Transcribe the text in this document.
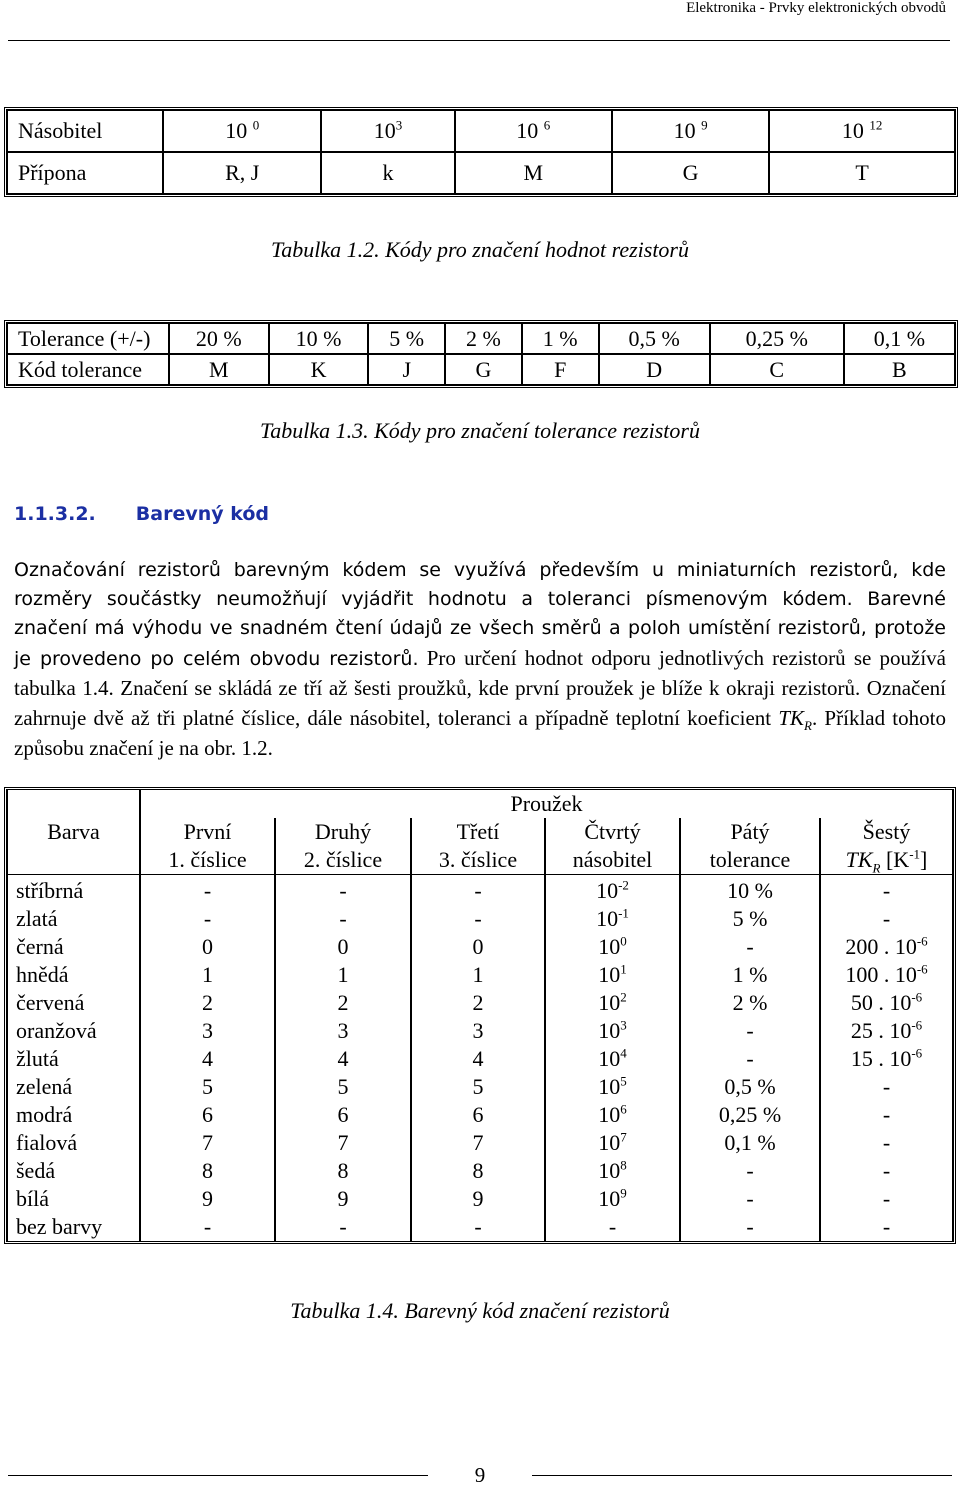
Elektronika - Prvky elektronických obvodů
Násobitel	10 $^0$	$10^3$	10 $^6$	10 $^9$	10 $^{12}$
Přípona	R, J	k	M	G	T
Tabulka 1.2. Kódy pro značení hodnot rezistorů
Tolerance (+/-)	20 %	10 %	5 %	2 %	1 %	0,5 %	0,25 %	0,1 %
Kód tolerance	M	K	J	G	F	D	C	B
Tabulka 1.3. Kódy pro značení tolerance rezistorů
1.1.3.2. Barevný kód
Označování rezistorů barevným kódem se využívá především u miniaturních rezistorů, kde rozměry součástky neumožňují vyjádřit hodnotu a toleranci písmenovým kódem. Barevné značení má výhodu ve snadném čtení údajů ze všech směrů a poloh umístění rezistorů, protože je provedeno po celém obvodu rezistorů. Pro určení hodnot odporu jednotlivých rezistorů se používá tabulka 1.4. Značení se skládá ze tří až šesti proužků, kde první proužek je blíže k okraji rezistorů. Označení zahrnuje dvě až tři platné číslice, dále násobitel, toleranci a případně teplotní koeficient $TK_R$. Příklad tohoto způsobu značení je na obr. 1.2.
	Proužek					
Barva	První	Druhý	Třetí	Čtvrtý	Pátý	Šestý
	1. číslice	2. číslice	3. číslice	násobitel	tolerance	$TK_R$ $[K^{-1}]$
stříbrná	-	-	-	$10^{-2}$	10 %	-
zlatá	-	-	-	$10^{-1}$	5 %	-
černá	0	0	0	$10^0$	-	200 . $10^{-6}$
hnědá	1	1	1	$10^1$	1 %	100 . $10^{-6}$
červená	2	2	2	$10^2$	2 %	50 . $10^{-6}$
oranžová	3	3	3	$10^3$	-	25 . $10^{-6}$
žlutá	4	4	4	$10^4$	-	15 . $10^{-6}$
zelená	5	5	5	$10^5$	0,5 %	-
modrá	6	6	6	$10^6$	0,25 %	-
fialová	7	7	7	$10^7$	0,1 %	-
šedá	8	8	8	$10^8$	-	-
bílá	9	9	9	$10^9$	-	-
bez barvy	-	-	-	-	-	-
Tabulka 1.4. Barevný kód značení rezistorů
9
